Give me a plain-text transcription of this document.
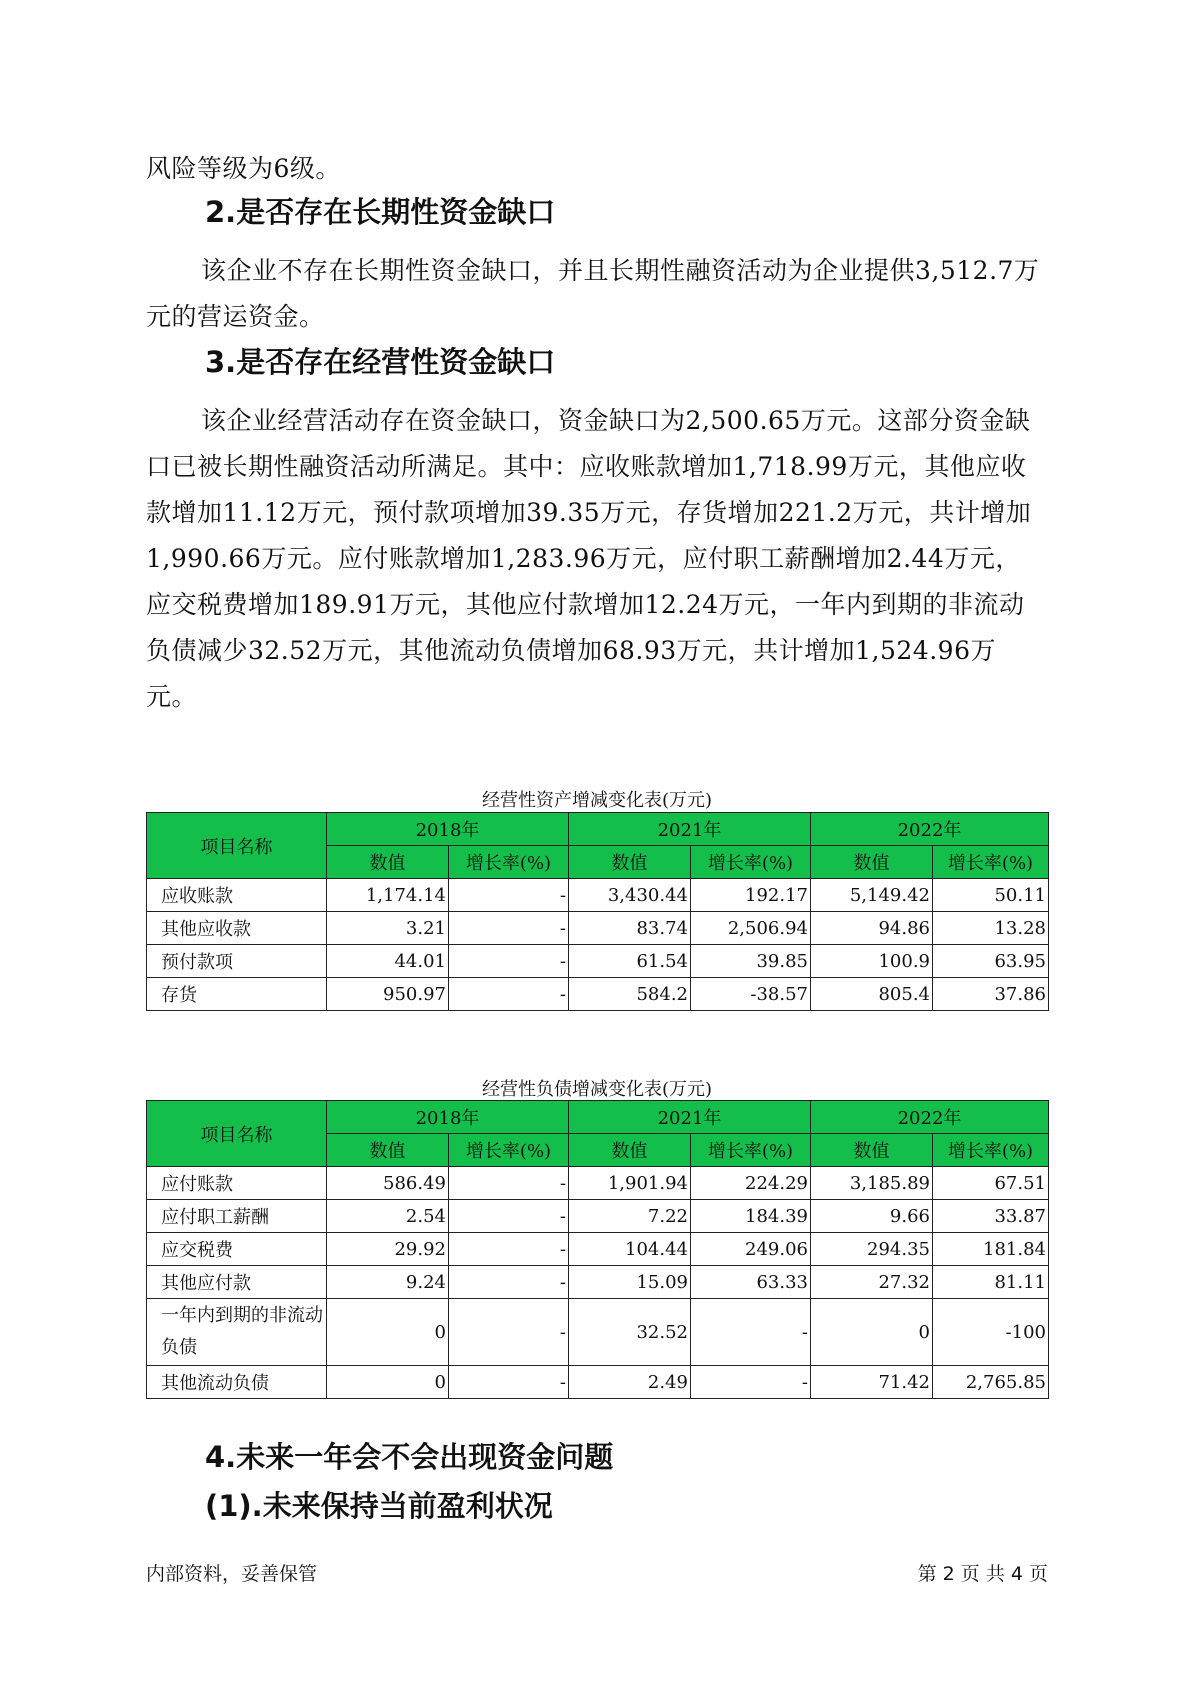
风险等级为6级。

2.是否存在长期性资金缺口

该企业不存在长期性资金缺口，并且长期性融资活动为企业提供3,512.7万元的营运资金。

3.是否存在经营性资金缺口

该企业经营活动存在资金缺口，资金缺口为2,500.65万元。这部分资金缺口已被长期性融资活动所满足。其中：应收账款增加1,718.99万元，其他应收款增加11.12万元，预付款项增加39.35万元，存货增加221.2万元，共计增加1,990.66万元。应付账款增加1,283.96万元，应付职工薪酬增加2.44万元，应交税费增加189.91万元，其他应付款增加12.24万元，一年内到期的非流动负债减少32.52万元，其他流动负债增加68.93万元，共计增加1,524.96万元。

经营性资产增减变化表(万元)

项目名称	2018年		2021年		2022年	
	数值	增长率(%)	数值	增长率(%)	数值	增长率(%)
应收账款	1,174.14	-	3,430.44	192.17	5,149.42	50.11
其他应收款	3.21	-	83.74	2,506.94	94.86	13.28
预付款项	44.01	-	61.54	39.85	100.9	63.95
存货	950.97	-	584.2	-38.57	805.4	37.86

经营性负债增减变化表(万元)

项目名称	2018年		2021年		2022年	
	数值	增长率(%)	数值	增长率(%)	数值	增长率(%)
应付账款	586.49	-	1,901.94	224.29	3,185.89	67.51
应付职工薪酬	2.54	-	7.22	184.39	9.66	33.87
应交税费	29.92	-	104.44	249.06	294.35	181.84
其他应付款	9.24	-	15.09	63.33	27.32	81.11
一年内到期的非流动负债	0	-	32.52	-	0	-100
其他流动负债	0	-	2.49	-	71.42	2,765.85
4.未来一年会不会出现资金问题
(1).未来保持当前盈利状况

内部资料，妥善保管	第 2 页 共 4 页
